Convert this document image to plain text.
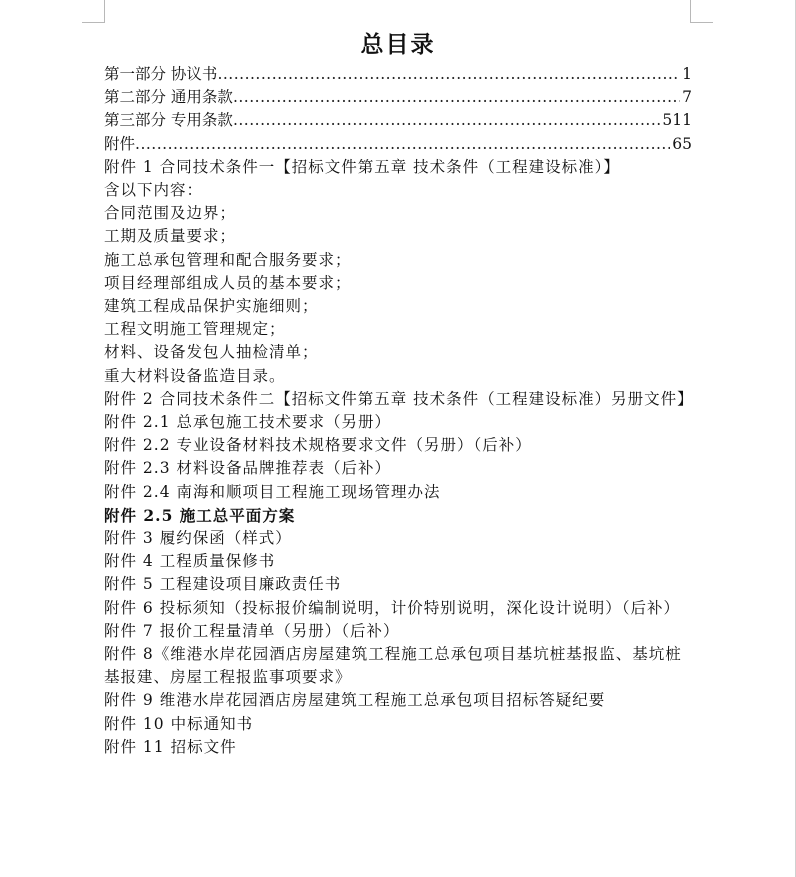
总目录
第一部分 协议书 .....	1
第二部分 通用条款 .....	7
第三部分 专用条款 .....	511
附件 .....	65
附件 1 合同技术条件一【招标文件第五章 技术条件（工程建设标准）】
含以下内容：
合同范围及边界；
工期及质量要求；
施工总承包管理和配合服务要求；
项目经理部组成人员的基本要求；
建筑工程成品保护实施细则；
工程文明施工管理规定；
材料、设备发包人抽检清单；
重大材料设备监造目录。
附件 2 合同技术条件二【招标文件第五章 技术条件（工程建设标准）另册文件】
附件 2.1 总承包施工技术要求（另册）
附件 2.2 专业设备材料技术规格要求文件（另册）（后补）
附件 2.3 材料设备品牌推荐表（后补）
附件 2.4 南海和顺项目工程施工现场管理办法
附件 2.5 施工总平面方案
附件 3 履约保函（样式）
附件 4 工程质量保修书
附件 5 工程建设项目廉政责任书
附件 6 投标须知（投标报价编制说明，计价特别说明，深化设计说明）（后补）
附件 7 报价工程量清单（另册）（后补）
附件 8《维港水岸花园酒店房屋建筑工程施工总承包项目基坑桩基报监、基坑桩基报建、房屋工程报监事项要求》
附件 9 维港水岸花园酒店房屋建筑工程施工总承包项目招标答疑纪要
附件 10 中标通知书
附件 11 招标文件
